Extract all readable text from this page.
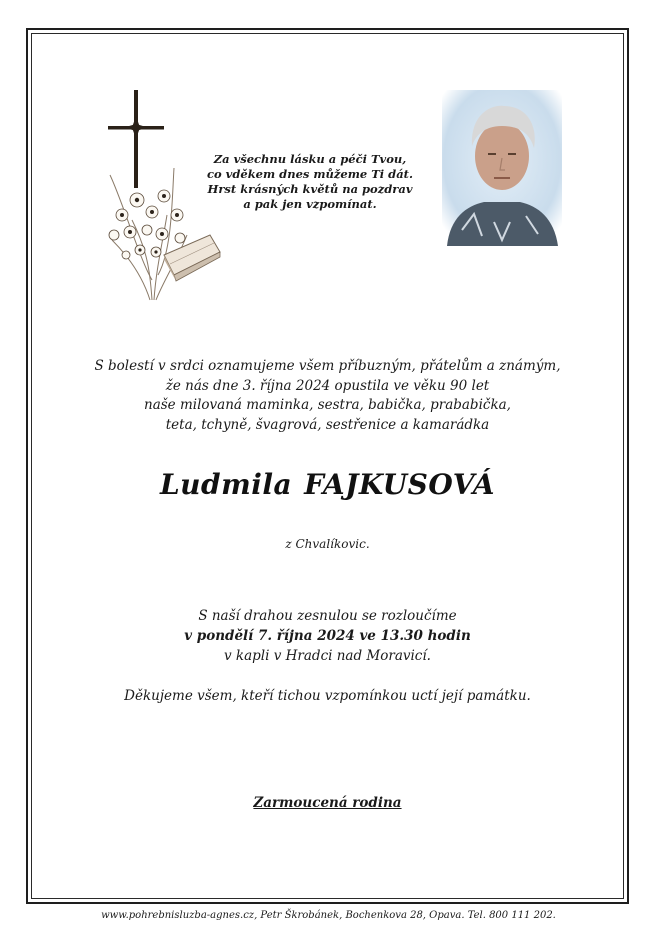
Za všechnu lásku a péči Tvou,
co vděkem dnes můžeme Ti dát.
Hrst krásných květů na pozdrav
a pak jen vzpomínat.
S bolestí v srdci oznamujeme všem příbuzným, přátelům a známým,
že nás dne 3. října 2024 opustila ve věku 90 let
naše milovaná maminka, sestra, babička, prababička,
teta, tchyně, švagrová, sestřenice a kamarádka
Ludmila FAJKUSOVÁ
z Chvalíkovic.
S naší drahou zesnulou se rozloučíme
v pondělí 7. října 2024 ve 13.30 hodin
v kapli v Hradci nad Moravicí.
Děkujeme všem, kteří tichou vzpomínkou uctí její památku.
Zarmoucená rodina
www.pohrebnisluzba-agnes.cz, Petr Škrobánek, Bochenkova 28, Opava. Tel. 800 111 202.
